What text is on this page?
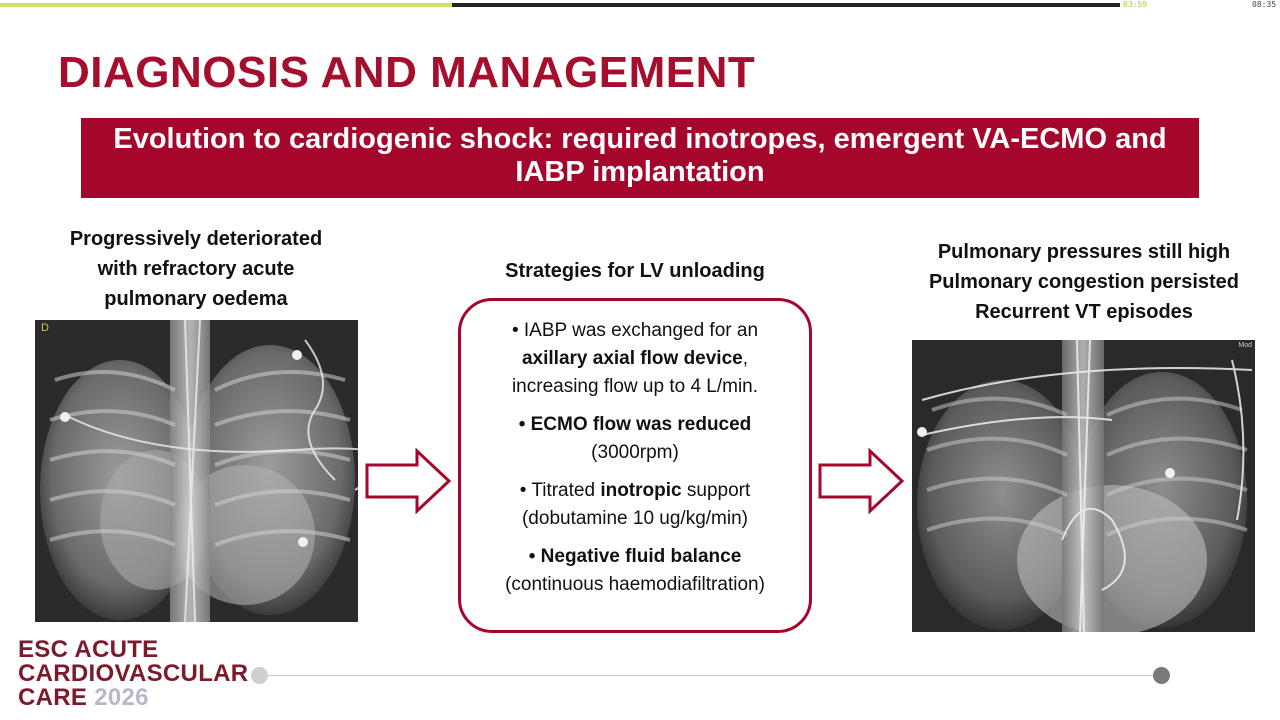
03:59	08:35
DIAGNOSIS AND MANAGEMENT
Evolution to cardiogenic shock: required inotropes, emergent VA-ECMO and
IABP implantation
Progressively deteriorated
with refractory acute
pulmonary oedema
D
Strategies for LV unloading

• IABP was exchanged for an
axillary axial flow device,
increasing flow up to 4 L/min.

• ECMO flow was reduced
(3000rpm)

• Titrated inotropic support
(dobutamine 10 ug/kg/min)

• Negative fluid balance
(continuous haemodiafiltration)

Pulmonary pressures still high
Pulmonary congestion persisted
Recurrent VT episodes
Mod
ESC ACUTE
CARDIOVASCULAR
CARE 2026
